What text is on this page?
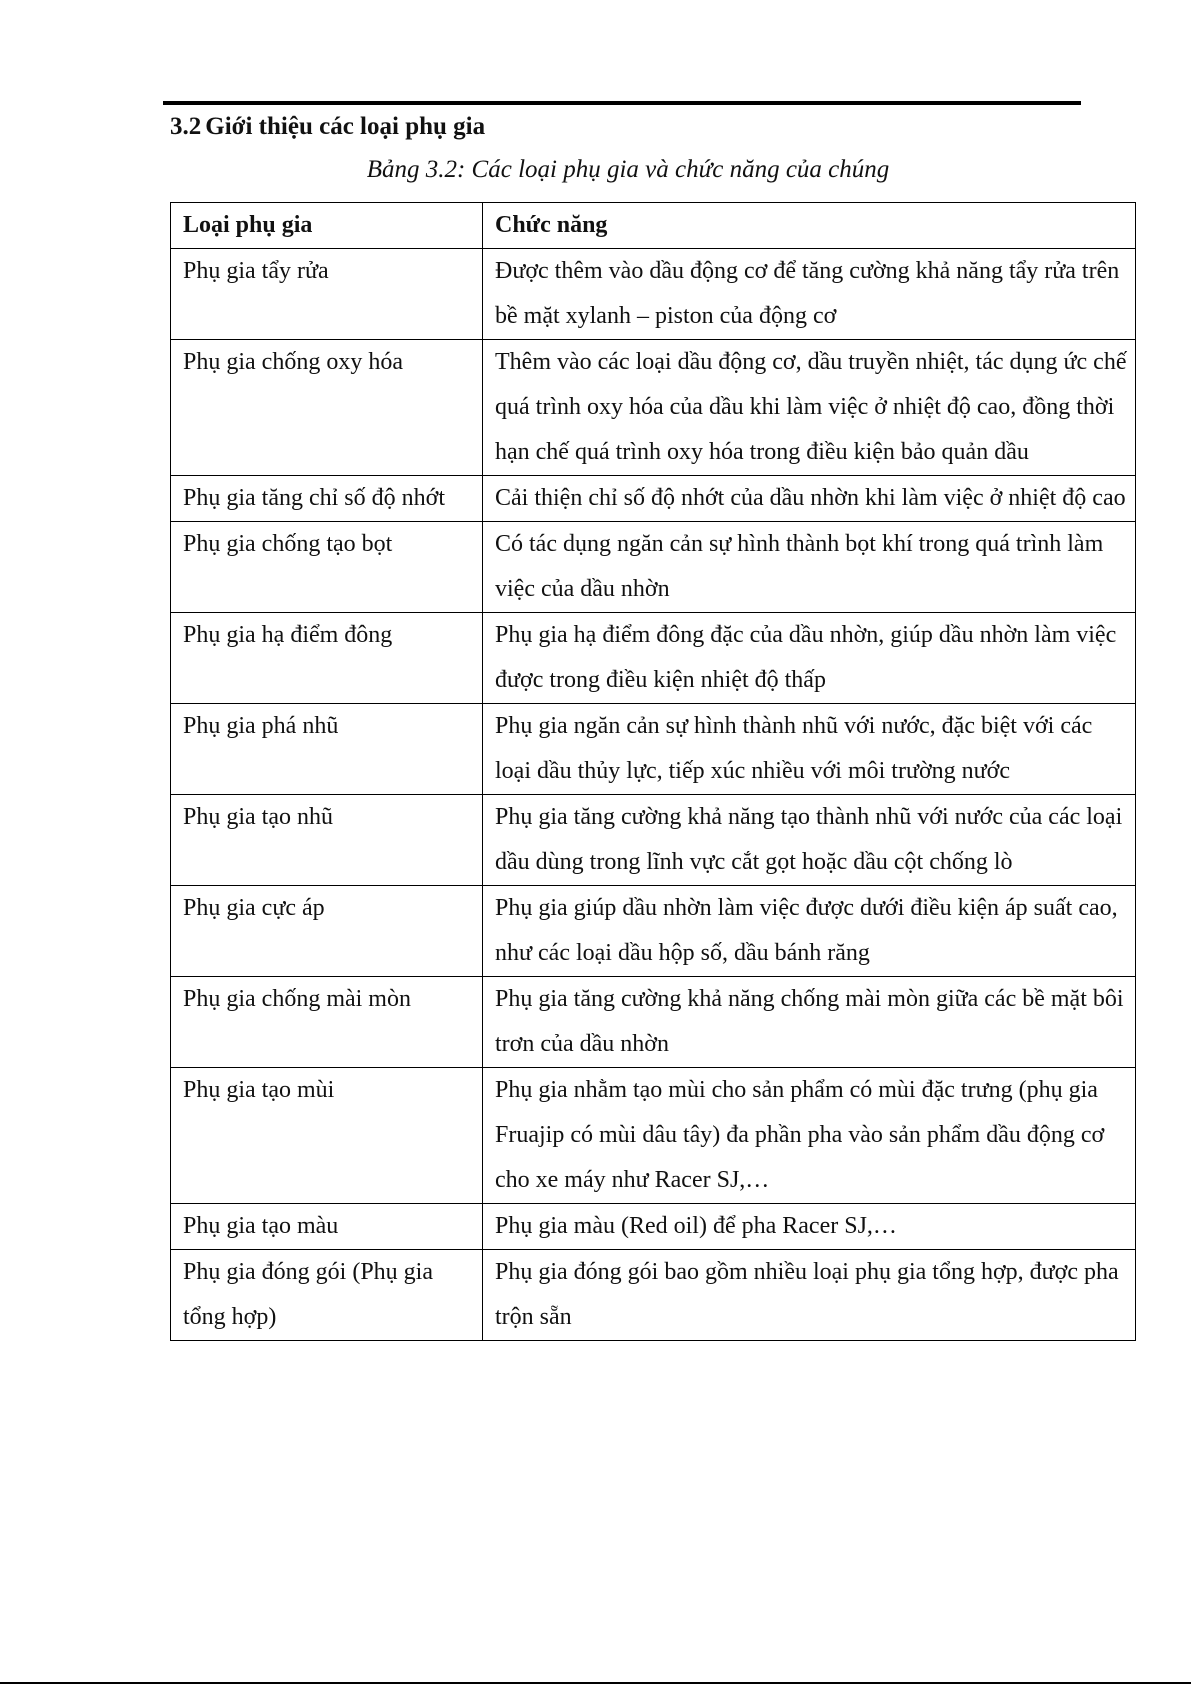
3.2 Giới thiệu các loại phụ gia
Bảng 3.2: Các loại phụ gia và chức năng của chúng
Loại phụ gia	Chức năng
Phụ gia tẩy rửa	Được thêm vào dầu động cơ để tăng cường khả năng tẩy rửa trên bề mặt xylanh – piston của động cơ
Phụ gia chống oxy hóa	Thêm vào các loại dầu động cơ, dầu truyền nhiệt, tác dụng ức chế quá trình oxy hóa của dầu khi làm việc ở nhiệt độ cao, đồng thời hạn chế quá trình oxy hóa trong điều kiện bảo quản dầu
Phụ gia tăng chỉ số độ nhớt	Cải thiện chỉ số độ nhớt của dầu nhờn khi làm việc ở nhiệt độ cao
Phụ gia chống tạo bọt	Có tác dụng ngăn cản sự hình thành bọt khí trong quá trình làm việc của dầu nhờn
Phụ gia hạ điểm đông	Phụ gia hạ điểm đông đặc của dầu nhờn, giúp dầu nhờn làm việc được trong điều kiện nhiệt độ thấp
Phụ gia phá nhũ	Phụ gia ngăn cản sự hình thành nhũ với nước, đặc biệt với các loại dầu thủy lực, tiếp xúc nhiều với môi trường nước
Phụ gia tạo nhũ	Phụ gia tăng cường khả năng tạo thành nhũ với nước của các loại dầu dùng trong lĩnh vực cắt gọt hoặc dầu cột chống lò
Phụ gia cực áp	Phụ gia giúp dầu nhờn làm việc được dưới điều kiện áp suất cao, như các loại dầu hộp số, dầu bánh răng
Phụ gia chống mài mòn	Phụ gia tăng cường khả năng chống mài mòn giữa các bề mặt bôi trơn của dầu nhờn
Phụ gia tạo mùi	Phụ gia nhằm tạo mùi cho sản phẩm có mùi đặc trưng (phụ gia Fruajip có mùi dâu tây) đa phần pha vào sản phẩm dầu động cơ cho xe máy như Racer SJ,…
Phụ gia tạo màu	Phụ gia màu (Red oil) để pha Racer SJ,…
Phụ gia đóng gói (Phụ gia tổng hợp)	Phụ gia đóng gói bao gồm nhiều loại phụ gia tổng hợp, được pha trộn sẵn
